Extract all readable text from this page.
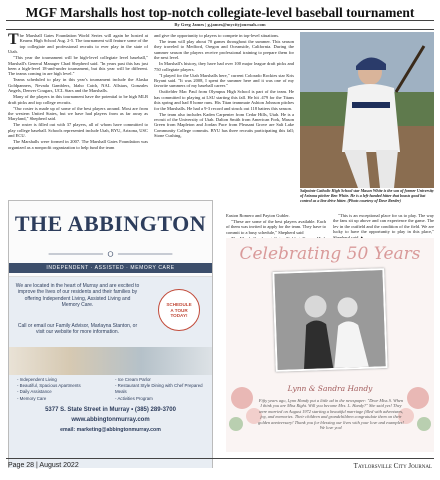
MGF Marshalls host top-notch collegiate-level baseball tournament
By Greg James | g.james@mycityjournals.com

The Marshall Gates Foundation World Series will again be hosted at Kearns High School Aug. 2-5. The tournament will feature some of the top collegiate and professional recruits to ever play in the state of Utah.

"This year the tournament will be high-level collegiate level baseball," Marshall's General Manager Chad Shepherd said. "In years past this has just been a high-level 18-and-under tournament, but this year will be different. The teams coming in are high level."

Teams scheduled to play in this year's tournament include the Alaska Goldpanners, Nevada Gamblers, Idaho Catch, NAL Allstars, Gonzales Angels, Denver Cougars, UCL Stars and the Marshalls.

Many of the players in this tournament have the potential to be high MLB draft picks and top college recruits.

"Our roster is made up of some of the best players around. Most are from the western United States, but we have had players from as far away as Maryland," Shepherd said.

The roster is filled out with 37 players, all of whom have committed to play college baseball. Schools represented include Utah, BYU, Arizona, USC and ECU.

The Marshalls were formed in 2007. The Marshall Gates Foundation was organized as a nonprofit organization to help fund the team

and give the opportunity to players to compete in top-level situations.

The team will play about 70 games throughout the summer. This season they traveled to Medford, Oregon and Oceanside, California. During the summer season the players receive professional training to prepare them for the next level.

In Marshall's history, they have had over 100 major league draft picks and 750 collegiate players.

"I played for the Utah Marshalls here," current Colorado Rockies star Kris Bryant said. "It was 2008, I spent the summer here and it was one of my favorite summers of my baseball career."

Outfielder Mac Paul from Olympus High School is part of the team. He has committed to playing at LSU starting this fall. He hit .479 for the Titans this spring and had 8 home runs. His Titan teammate Ashton Johnson pitches for the Marshalls. He had a 9-3 record and struck out 118 batters this season.

The team also includes Kaden Carpenter from Cedar Hills, Utah. He is a recruit of the University of Utah. Dalton Smith from American Fork, Mason Green from Mapleton and Jordan Pace from Pleasant Grove are Salt Lake Community College commits. BYU has three recruits participating this fall; Stone Cushing,

Salpointe Catholic High School star Mason White is the son of former University of Arizona pitcher Ben White. He is a left-handed hitter that boasts good bat control as a line drive hitter. (Photo courtesy of Dave Reeder)

Easton Romero and Payton Gubler.

"These are some of the best players available. Each of them was invited to apply for the team. They have to commit to a busy schedule," Shepherd said

"This is an exceptional place for us to play. The way the fans sit up above and can experience the game. The lev in the outfield and the condition of the field. We are lucky to have the opportunity to play in this place,"

THE ABBINGTON
INDEPENDENT · ASSISTED · MEMORY CARE
We are located in the heart of Murray and are excited to improve the lives of our residents and their families by offering Independent Living, Assisted Living and Memory Care.
Call or email our Family Advisor, Marlayna Stanton, or visit our website for more information.
SCHEDULE
A TOUR
TODAY!
- Independent Living
- Beautiful, Spacious Apartments
- Daily Assistance
- Memory Care
- Ice Cream Parlor
- Restaurant Style Dining with Chef Prepared Meals
- Activities Program
5377 S. State Street in Murray • (385) 289-3700
www.abbingtonmurray.com
email: marketing@abbingtonmurray.com
Celebrating 50 Years
Lynn & Sandra Handy
Fifty years ago, Lynn Handy put a little ad in the newspaper: "Dear Miss S. When I think you are Miss Right. Will you become Mrs. L. Handy?" She said yes! They were married on August 1972 starting a beautiful marriage filled with adventures, joy, and memories. Their children and grandchildren congratulate them on their golden anniversary! Thank you for blessing our lives with your love and examples! We love you!
Page 28 | August 2022	Taylorsville City Journal
